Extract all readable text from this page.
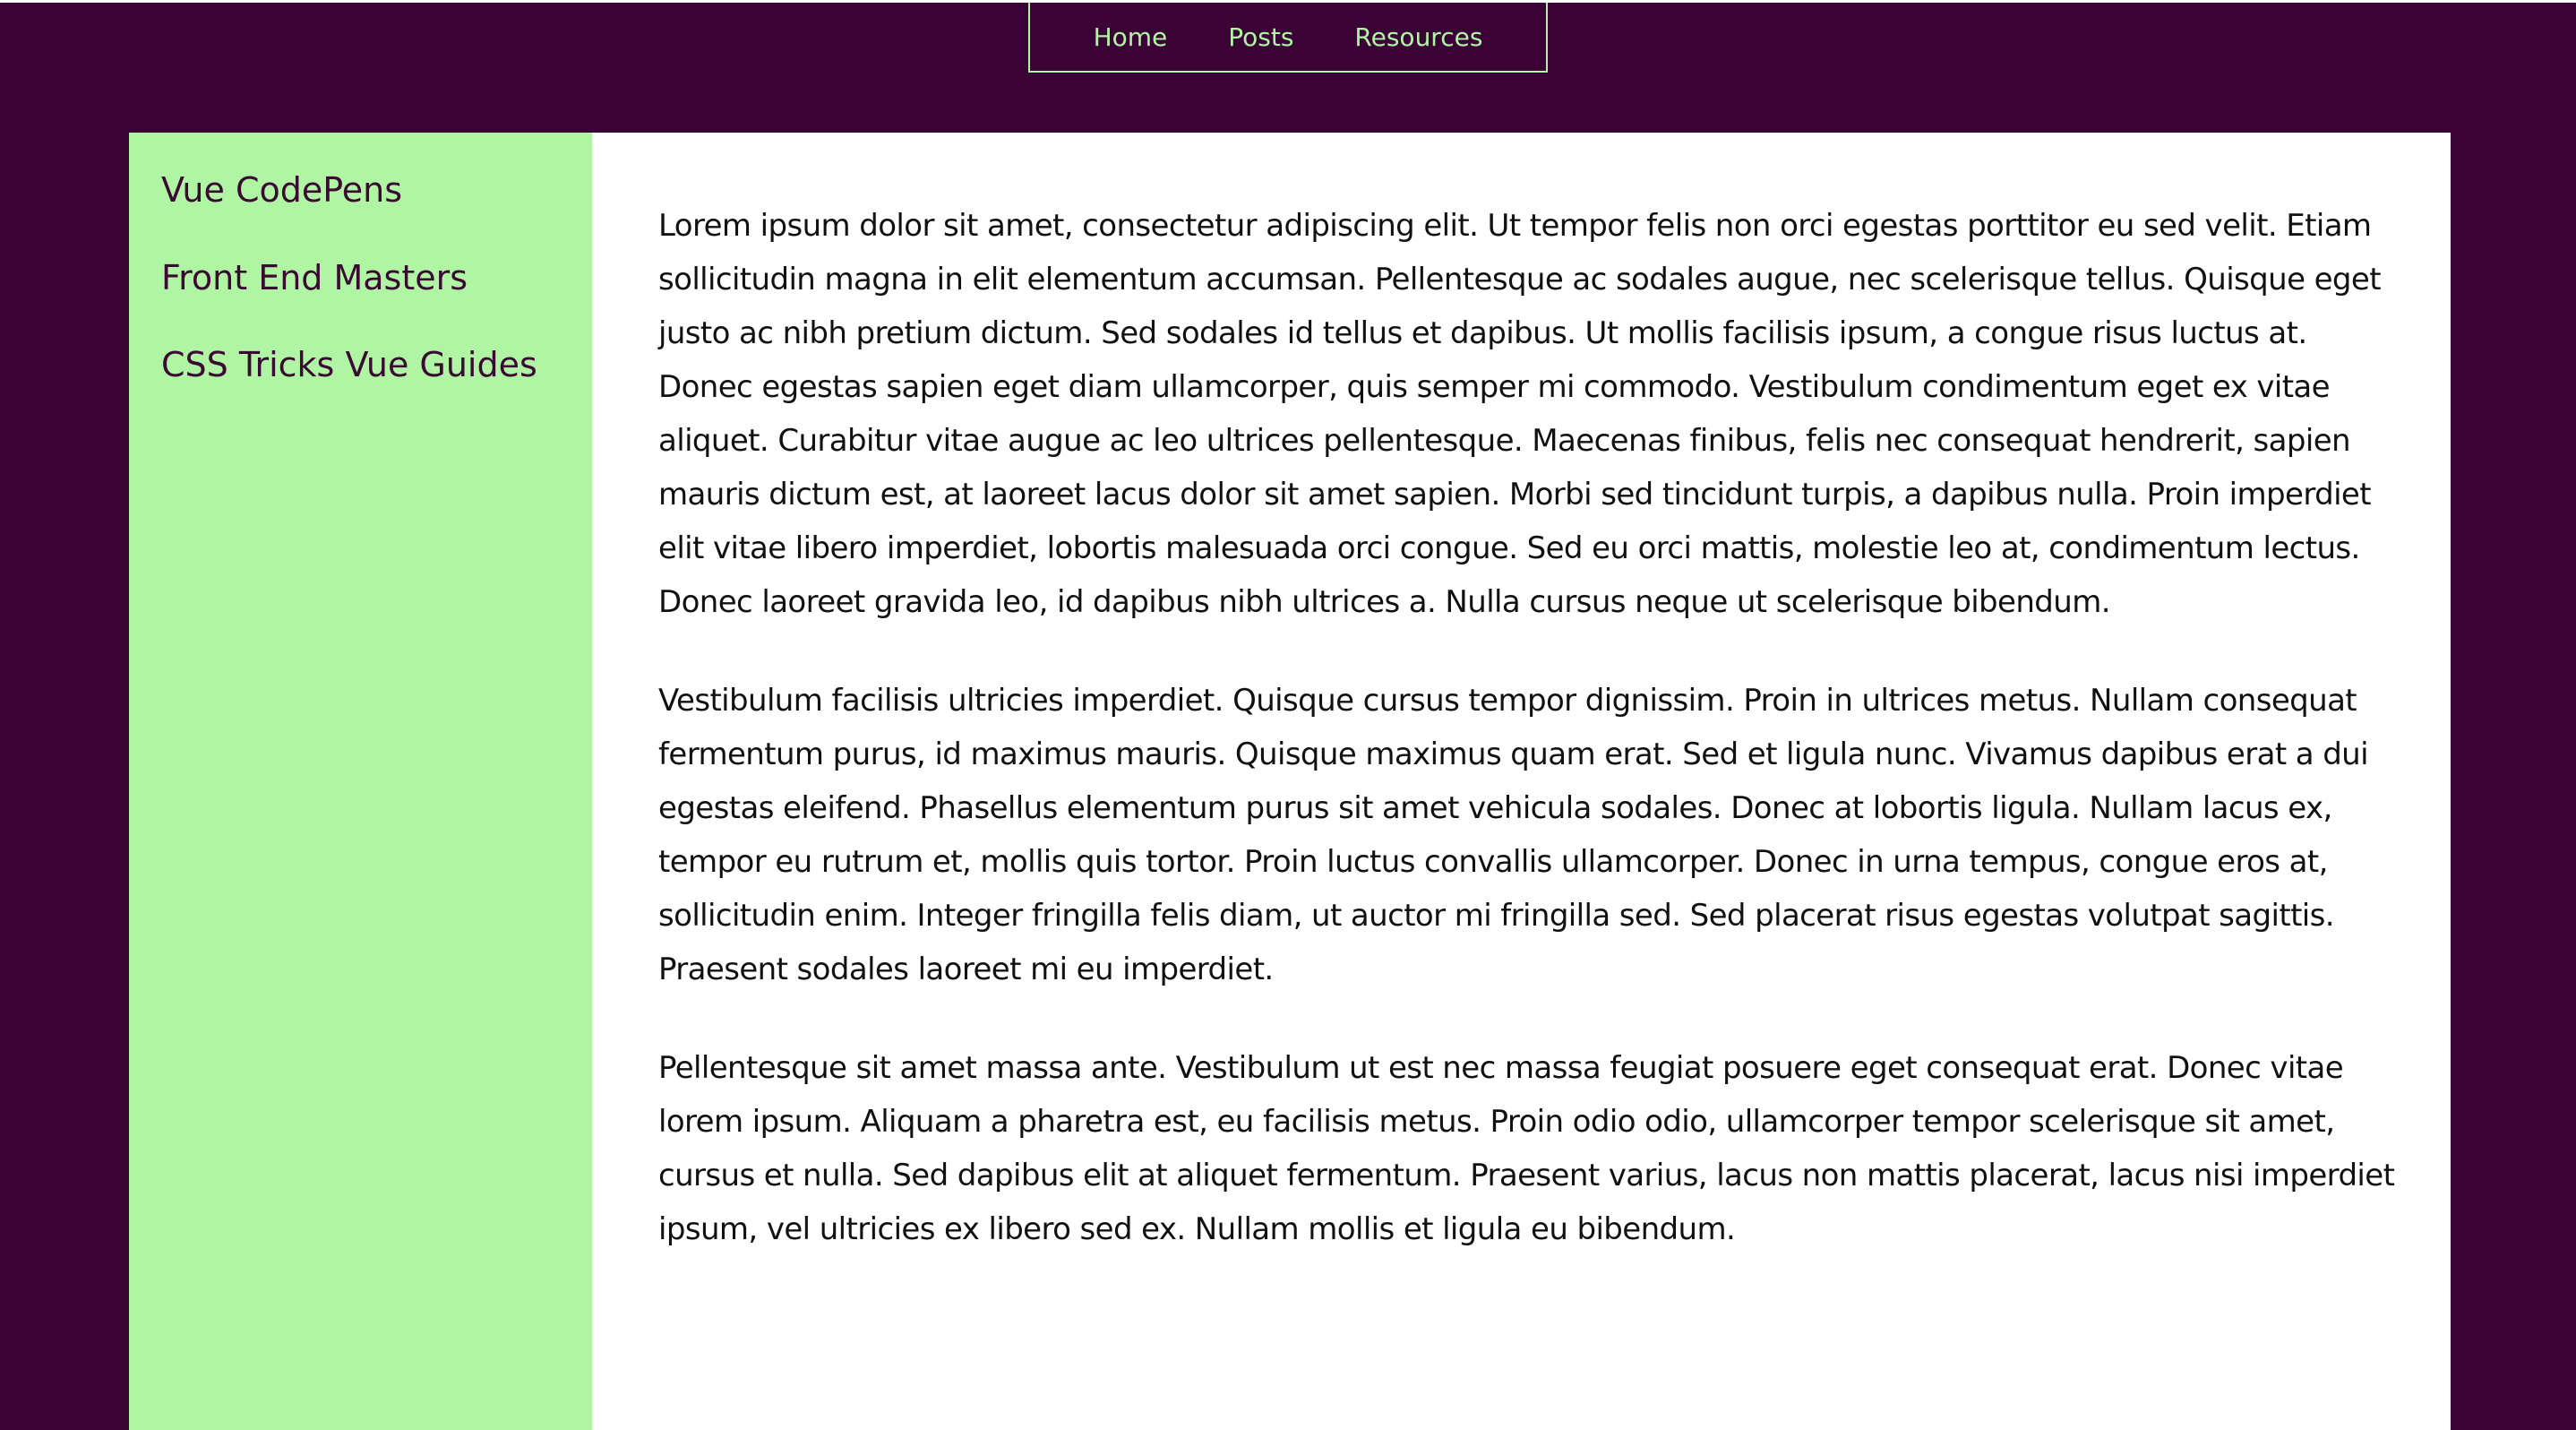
Home	Posts	Resources
Vue CodePens
Front End Masters
CSS Tricks Vue Guides

Lorem ipsum dolor sit amet, consectetur adipiscing elit. Ut tempor felis non orci egestas porttitor eu sed velit. Etiam sollicitudin magna in elit elementum accumsan. Pellentesque ac sodales augue, nec scelerisque tellus. Quisque eget justo ac nibh pretium dictum. Sed sodales id tellus et dapibus. Ut mollis facilisis ipsum, a congue risus luctus at. Donec egestas sapien eget diam ullamcorper, quis semper mi commodo. Vestibulum condimentum eget ex vitae aliquet. Curabitur vitae augue ac leo ultrices pellentesque. Maecenas finibus, felis nec consequat hendrerit, sapien mauris dictum est, at laoreet lacus dolor sit amet sapien. Morbi sed tincidunt turpis, a dapibus nulla. Proin imperdiet elit vitae libero imperdiet, lobortis malesuada orci congue. Sed eu orci mattis, molestie leo at, condimentum lectus. Donec laoreet gravida leo, id dapibus nibh ultrices a. Nulla cursus neque ut scelerisque bibendum.

Vestibulum facilisis ultricies imperdiet. Quisque cursus tempor dignissim. Proin in ultrices metus. Nullam consequat fermentum purus, id maximus mauris. Quisque maximus quam erat. Sed et ligula nunc. Vivamus dapibus erat a dui egestas eleifend. Phasellus elementum purus sit amet vehicula sodales. Donec at lobortis ligula. Nullam lacus ex, tempor eu rutrum et, mollis quis tortor. Proin luctus convallis ullamcorper. Donec in urna tempus, congue eros at, sollicitudin enim. Integer fringilla felis diam, ut auctor mi fringilla sed. Sed placerat risus egestas volutpat sagittis. Praesent sodales laoreet mi eu imperdiet.

Pellentesque sit amet massa ante. Vestibulum ut est nec massa feugiat posuere eget consequat erat. Donec vitae lorem ipsum. Aliquam a pharetra est, eu facilisis metus. Proin odio odio, ullamcorper tempor scelerisque sit amet, cursus et nulla. Sed dapibus elit at aliquet fermentum. Praesent varius, lacus non mattis placerat, lacus nisi imperdiet ipsum, vel ultricies ex libero sed ex. Nullam mollis et ligula eu bibendum.
